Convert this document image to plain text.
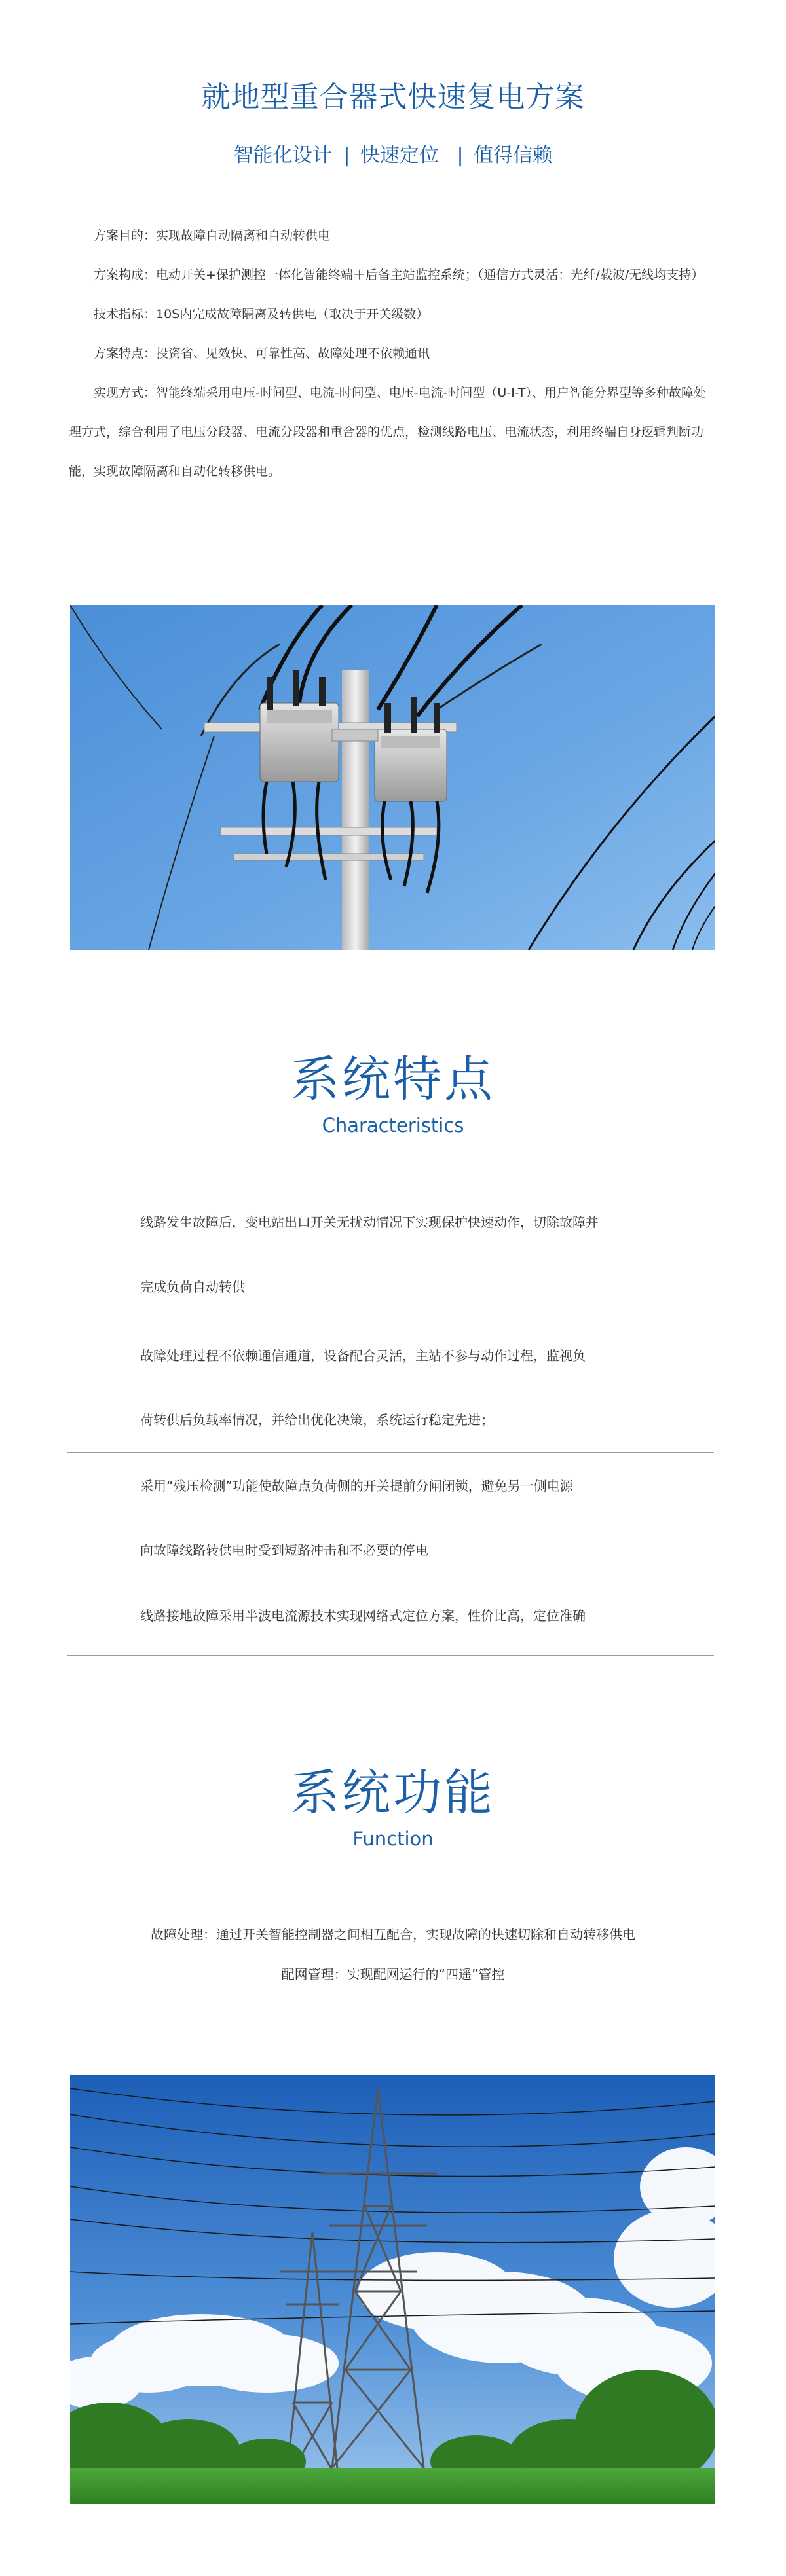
就地型重合器式快速复电方案
智能化设计 | 快速定位 | 值得信赖

方案目的：实现故障自动隔离和自动转供电

方案构成：电动开关+保护测控一体化智能终端＋后备主站监控系统；（通信方式灵活：光纤/载波/无线均支持）

技术指标：10S内完成故障隔离及转供电（取决于开关级数）

方案特点：投资省、见效快、可靠性高、故障处理不依赖通讯

实现方式：智能终端采用电压-时间型、电流-时间型、电压-电流-时间型（U-I-T）、用户智能分界型等多种故障处理方式，综合利用了电压分段器、电流分段器和重合器的优点，检测线路电压、电流状态，利用终端自身逻辑判断功能，实现故障隔离和自动化转移供电。

系统特点
Characteristics
线路发生故障后，变电站出口开关无扰动情况下实现保护快速动作，切除故障并
完成负荷自动转供
故障处理过程不依赖通信通道，设备配合灵活，主站不参与动作过程，监视负
荷转供后负载率情况，并给出优化决策，系统运行稳定先进；
采用“残压检测”功能使故障点负荷侧的开关提前分闸闭锁，避免另一侧电源
向故障线路转供电时受到短路冲击和不必要的停电
线路接地故障采用半波电流源技术实现网络式定位方案，性价比高，定位准确
系统功能
Function
故障处理：通过开关智能控制器之间相互配合，实现故障的快速切除和自动转移供电
配网管理：实现配网运行的“四遥”管控
